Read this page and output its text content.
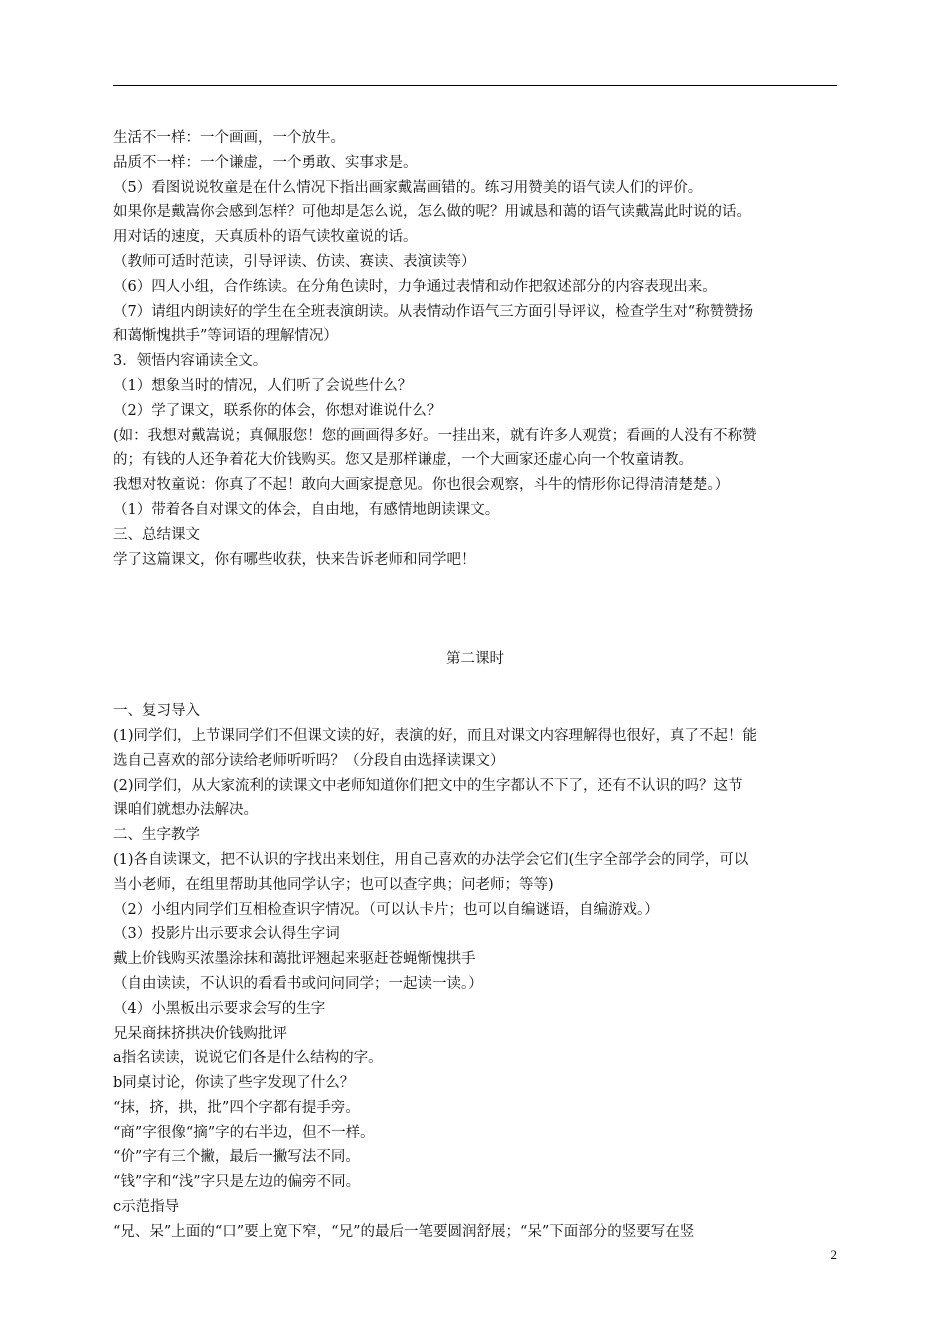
生活不一样：一个画画，一个放牛。
品质不一样：一个谦虚，一个勇敢、实事求是。
（5）看图说说牧童是在什么情况下指出画家戴嵩画错的。练习用赞美的语气读人们的评价。
如果你是戴嵩你会感到怎样？可他却是怎么说，怎么做的呢？用诚恳和蔼的语气读戴嵩此时说的话。
用对话的速度，天真质朴的语气读牧童说的话。
（教师可适时范读，引导评读、仿读、赛读、表演读等）
（6）四人小组，合作练读。在分角色读时，力争通过表情和动作把叙述部分的内容表现出来。
（7）请组内朗读好的学生在全班表演朗读。从表情动作语气三方面引导评议，检查学生对“称赞赞扬
和蔼惭愧拱手”等词语的理解情况）
3．领悟内容诵读全文。
（1）想象当时的情况，人们听了会说些什么？
（2）学了课文，联系你的体会，你想对谁说什么？
(如：我想对戴嵩说；真佩服您！您的画画得多好。一挂出来，就有许多人观赏；看画的人没有不称赞
的；有钱的人还争着花大价钱购买。您又是那样谦虚，一个大画家还虚心向一个牧童请教。
我想对牧童说：你真了不起！敢向大画家提意见。你也很会观察，斗牛的情形你记得清清楚楚。）
（1）带着各自对课文的体会，自由地，有感情地朗读课文。
三、总结课文
学了这篇课文，你有哪些收获，快来告诉老师和同学吧！
第二课时
一、复习导入
(1)同学们，上节课同学们不但课文读的好，表演的好，而且对课文内容理解得也很好，真了不起！能
选自己喜欢的部分读给老师听听吗？（分段自由选择读课文）
(2)同学们，从大家流利的读课文中老师知道你们把文中的生字都认不下了，还有不认识的吗？这节
课咱们就想办法解决。
二、生字教学
(1)各自读课文，把不认识的字找出来划住，用自己喜欢的办法学会它们(生字全部学会的同学，可以
当小老师，在组里帮助其他同学认字；也可以查字典；问老师；等等)
（2）小组内同学们互相检查识字情况。（可以认卡片；也可以自编谜语，自编游戏。）
（3）投影片出示要求会认得生字词
戴上价钱购买浓墨涂抹和蔼批评翘起来驱赶苍蝇惭愧拱手
（自由读读，不认识的看看书或问问同学；一起读一读。）
（4）小黑板出示要求会写的生字
兄呆商抹挤拱决价钱购批评
a指名读读，说说它们各是什么结构的字。
b同桌讨论，你读了些字发现了什么？
“抹，挤，拱，批”四个字都有提手旁。
“商”字很像“摘”字的右半边，但不一样。
“价”字有三个撇，最后一撇写法不同。
“钱”字和“浅”字只是左边的偏旁不同。
c示范指导
“兄、呆”上面的“口”要上宽下窄，“兄”的最后一笔要圆润舒展；“呆”下面部分的竖要写在竖
2
